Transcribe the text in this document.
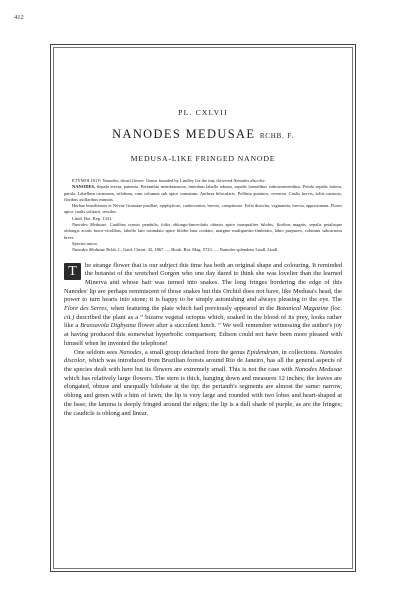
412
PL. CXLVII
NANODES MEDUSAE RCHB. F.
MEDUSA-LIKE FRINGED NANODE

ETYMOLOGY: Nanodes, dwarf flower. Genus founded by Lindley for the tiny flowered Nanodes discolor.

NANODES. Sepala erecta, patentia. Perianthia membranacea, interdum labello adnata, sepalis lateralibus subconniventibus. Petala sepalis latiora, patula. Labellum carnosum, trilobum, cum columna sub apice connatum. Anthera bilocularis. Pollinia quattuor, cereacea. Caulis brevis, foliis carnosis, floribus axillaribus minutis.

Herbae brasilienses et Novae Granatae pusillae, epiphyticae, caulescentes, breves, caespitosae. Folia disticha, vaginantia, brevia, approximata. Flores apice caulis solitarii, sessiles.

Lindl. Bot. Reg. 1341.

Nanodes Medusae. Caulibus crassis pendulis, foliis oblongo-lanceolatis obtusis apice inaequaliter bilobis, floribus magnis, sepalis petalisque oblongis acutis fusco-viridibus, labello lato rotundato apice bilobo basi cordato, margine multipartito-fimbriato, labio purpureo, columna subcarnosa brevi.

Species unica.

Nanodes Medusae Rchb. f., Gard. Chron. 42, 1867. — Hook. Bot. Mag. 5723. — Nanodes splendens Lindl. Lindl.

T	he strange flower that is our subject this time has both an original shape and colouring. It reminded the botanist of the wretched Gorgon who one day dared to think she was lovelier than the learned Minerva and whose hair was turned into snakes. The long fringes bordering the edge of this Nanodes' lip are perhaps reminiscent of those snakes but this Orchid does not have, like Medusa's head, the power to turn hearts into stone; it is happy to be simply astonishing and always pleasing to the eye. The Flore des Serres, when featuring the plate which had previously appeared in the Botanical Magazine (loc. cit.) described the plant as a “ bizarre vegetal octopus which, soaked in the blood of its prey, looks rather like a Brassavola Digbyana flower after a succulent lunch. ” We well remember witnessing the author's joy at having produced this somewhat hyperbolic comparison; Edison could not have been more pleased with himself when he invented the telephone!

One seldom sees Nanodes, a small group detached from the genus Epidendrum, in collections. Nanodes discolor, which was introduced from Brazilian forests around Rio de Janeiro, has all the general aspects of the species dealt with here but its flowers are extremely small. This is not the case with Nanodes Medusae which has relatively large flowers. The stem is thick, hanging down and measures 12 inches; the leaves are elongated, obtuse and unequally bilobate at the tip; the perianth's segments are almost the same: narrow, oblong and green with a hint of fawn; the lip is very large and rounded with two lobes and heart-shaped at the base; the lamina is deeply fringed around the edges; the lip is a dull shade of purple, as are the fringes; the caudicle is oblong and linear.
